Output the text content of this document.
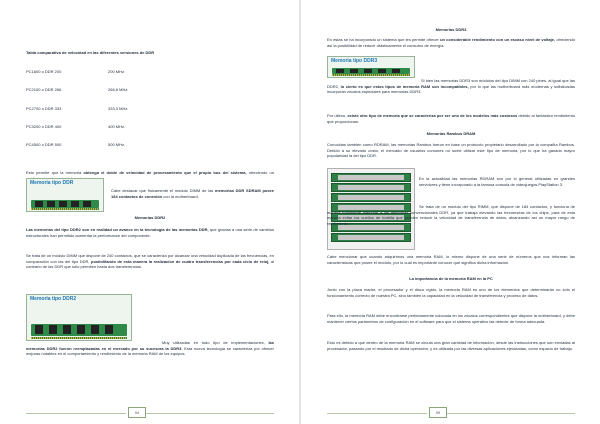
Tabla comparativa de velocidad en las diferentes versiones de DDR

PC1600 o DDR 200	200 MHz.
PC2100 o DDR 266	266,6 MHz.
PC2700 o DDR 333	333,3 MHz.
PC3200 o DDR 400	400 MHz.
PC4500 o DDR 500	500 MHz.

Esto permite que la memoria obtenga el doble de velocidad de procesamiento que el propio bus del sistema, ofreciendo un

Memoria tipo DDR

Cabe destacar que físicamente el módulo DIMM de las memorias DDR SDRAM posee 184 contactos de conexión con la motherboard.

Memorias DDR2

Las memorias del tipo DDR2 son en realidad un avance en la tecnología de las memorias DDR, que gracias a una serie de cambios estructurales han permitido aumentar la performance del componente.

Se trata de un módulo DIMM que dispone de 240 contactos, que se caracteriza por alcanzar una velocidad duplicada de las frecuencias, en comparación con las del tipo DDR, posibilitando de esta manera la realización de cuatro transferencias por cada ciclo de reloj, al contrario de las DDR que sólo permiten hasta dos transferencias.

Memoria tipo DDR2

Muy utilizadas en todo tipo de implementaciones, las memorias DDR2 fueron reemplazadas en el mercado por su sucesora la DDR3. Esta nueva tecnología se caracteriza por ofrecer mejoras notables en el comportamiento y rendimiento de la memoria RAM de los equipos.

94

Memorias DDR3

En estas se ha incorporado un sistema que les permite ofrecer un considerable rendimiento con un escaso nivel de voltaje, ofreciendo así la posibilidad de reducir drásticamente el consumo de energía.

Memoria tipo DDR3

Si bien las memorias DDR3 son módulos del tipo DIMM con 240 pines, al igual que las DDR2, lo cierto es que estos tipos de memoria RAM son incompatibles, por lo que las motherboard más modernas y sofisticadas incorporan zócalos especiales para memorias DDR3.

Por último, existe otro tipo de memoria que se caracteriza por ser uno de los modelos más costosos debido al fantástico rendimiento que proporcionan.

Memorias Rambus DRAM

Conocidas también como RDRAM, las memorias Rambus fueron en base un protocolo propietario desarrollado por la compañía Rambus. Debido a su elevado costo, el mercado de usuarios comunes no suele utilizar este tipo de memoria, por lo que ha ganado mayor popularidad la del tipo DDR.

En la actualidad las memorias RDRAM son por lo general utilizadas en grandes servidores y tiene incorporado a la famosa consola de videojuegos PlayStation 3.

Se trata de un módulo del tipo RIMM, que dispone de 184 contactos, y funciona de manera totalmente diferente a las memorias convencionales DDR, ya que trabaja elevando las frecuencias de los chips, para de esta manera evitar los cuellos de botella que pueden reducir la velocidad de transferencia de datos, alcanzando así un mayor rango de rendimiento.

Cabe mencionar que cuando adquirimos una memoria RAM, lo mismo dispone de una serie de números que nos informan las características que posee el módulo, por lo cual es importante conocer qué significa dicha información.

La importancia de la memoria RAM en la PC

Junto con la placa madre, el procesador y el disco rígido, la memoria RAM es uno de los elementos que determinarán no sólo el funcionamiento correcto de nuestra PC, sino también la capacidad en la velocidad de transferencia y proceso de datos.

Para ello, la memoria RAM debe encontrarse perfectamente colocada en los zócalos correspondientes que dispone la motherboard, y debe mantener ciertos parámetros de configuración en el software para que el sistema operativo las detecte de forma adecuada.

Esto es debido a que dentro de la memoria RAM se circula una gran cantidad de información, desde las instrucciones que son enviadas al procesador, pasando por el resultado de dicha operación, y es utilizada por las diversas aplicaciones ejecutadas, como espacio de trabajo.

95
